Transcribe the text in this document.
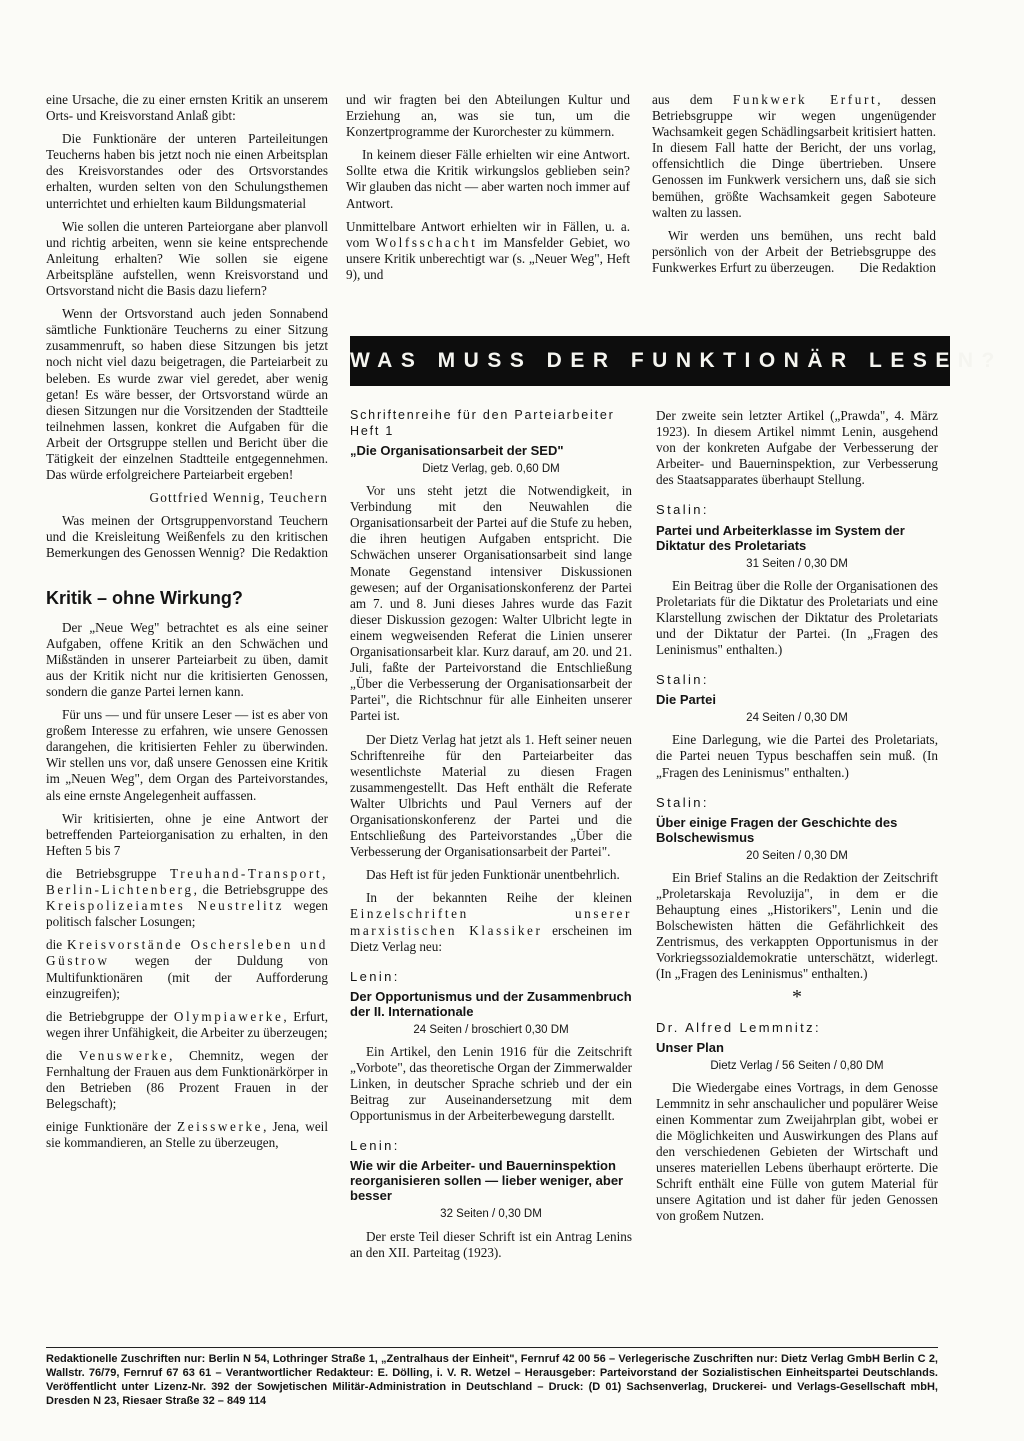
eine Ursache, die zu einer ernsten Kritik an unserem Orts- und Kreisvorstand Anlaß gibt:

Die Funktionäre der unteren Parteileitungen Teucherns haben bis jetzt noch nie einen Arbeitsplan des Kreisvorstandes oder des Ortsvorstandes erhalten, wurden selten von den Schulungsthemen unterrichtet und erhielten kaum Bildungsmaterial

Wie sollen die unteren Parteiorgane aber planvoll und richtig arbeiten, wenn sie keine entsprechende Anleitung erhalten? Wie sollen sie eigene Arbeitspläne aufstellen, wenn Kreisvorstand und Ortsvorstand nicht die Basis dazu liefern?

Wenn der Ortsvorstand auch jeden Sonnabend sämtliche Funktionäre Teucherns zu einer Sitzung zusammenruft, so haben diese Sitzungen bis jetzt noch nicht viel dazu beigetragen, die Parteiarbeit zu beleben. Es wurde zwar viel geredet, aber wenig getan! Es wäre besser, der Ortsvorstand würde an diesen Sitzungen nur die Vorsitzenden der Stadtteile teilnehmen lassen, konkret die Aufgaben für die Arbeit der Ortsgruppe stellen und Bericht über die Tätigkeit der einzelnen Stadtteile entgegennehmen. Das würde erfolgreichere Parteiarbeit ergeben!

Gottfried Wennig, Teuchern

Was meinen der Ortsgruppenvorstand Teuchern und die Kreisleitung Weißenfels zu den kritischen Bemerkungen des Genossen Wennig? Die Redaktion

Kritik – ohne Wirkung?

Der „Neue Weg" betrachtet es als eine seiner Aufgaben, offene Kritik an den Schwächen und Mißständen in unserer Parteiarbeit zu üben, damit aus der Kritik nicht nur die kritisierten Genossen, sondern die ganze Partei lernen kann.

Für uns — und für unsere Leser — ist es aber von großem Interesse zu erfahren, wie unsere Genossen darangehen, die kritisierten Fehler zu überwinden. Wir stellen uns vor, daß unsere Genossen eine Kritik im „Neuen Weg", dem Organ des Parteivorstandes, als eine ernste Angelegenheit auffassen.

Wir kritisierten, ohne je eine Antwort der betreffenden Parteiorganisation zu erhalten, in den Heften 5 bis 7

die Betriebsgruppe Treuhand-Transport, Berlin-Lichtenberg, die Betriebsgruppe des Kreispolizeiamtes Neustrelitz wegen politisch falscher Losungen;

die Kreisvorstände Oschersleben und Güstrow wegen der Duldung von Multifunktionären (mit der Aufforderung einzugreifen);

die Betriebgruppe der Olympiawerke, Erfurt, wegen ihrer Unfähigkeit, die Arbeiter zu überzeugen;

die Venuswerke, Chemnitz, wegen der Fernhaltung der Frauen aus dem Funktionärkörper in den Betrieben (86 Prozent Frauen in der Belegschaft);

einige Funktionäre der Zeisswerke, Jena, weil sie kommandieren, an Stelle zu überzeugen,

und wir fragten bei den Abteilungen Kultur und Erziehung an, was sie tun, um die Konzertprogramme der Kurorchester zu kümmern.

In keinem dieser Fälle erhielten wir eine Antwort. Sollte etwa die Kritik wirkungslos geblieben sein? Wir glauben das nicht — aber warten noch immer auf Antwort.

Unmittelbare Antwort erhielten wir in Fällen, u. a. vom Wolfsschacht im Mansfelder Gebiet, wo unsere Kritik unberechtigt war (s. „Neuer Weg", Heft 9), und

aus dem Funkwerk Erfurt, dessen Betriebsgruppe wir wegen ungenügender Wachsamkeit gegen Schädlingsarbeit kritisiert hatten. In diesem Fall hatte der Bericht, der uns vorlag, offensichtlich die Dinge übertrieben. Unsere Genossen im Funkwerk versichern uns, daß sie sich bemühen, größte Wachsamkeit gegen Saboteure walten zu lassen.

Wir werden uns bemühen, uns recht bald persönlich von der Arbeit der Betriebsgruppe des Funkwerkes Erfurt zu überzeugen. Die Redaktion

WAS MUSS DER FUNKTIONÄR LESEN?
Schriftenreihe für den Parteiarbeiter Heft 1
„Die Organisationsarbeit der SED"
Dietz Verlag, geb. 0,60 DM

Vor uns steht jetzt die Notwendigkeit, in Verbindung mit den Neuwahlen die Organisationsarbeit der Partei auf die Stufe zu heben, die ihren heutigen Aufgaben entspricht. Die Schwächen unserer Organisationsarbeit sind lange Monate Gegenstand intensiver Diskussionen gewesen; auf der Organisationskonferenz der Partei am 7. und 8. Juni dieses Jahres wurde das Fazit dieser Diskussion gezogen: Walter Ulbricht legte in einem wegweisenden Referat die Linien unserer Organisationsarbeit klar. Kurz darauf, am 20. und 21. Juli, faßte der Parteivorstand die Entschließung „Über die Verbesserung der Organisationsarbeit der Partei", die Richtschnur für alle Einheiten unserer Partei ist.

Der Dietz Verlag hat jetzt als 1. Heft seiner neuen Schriftenreihe für den Parteiarbeiter das wesentlichste Material zu diesen Fragen zusammengestellt. Das Heft enthält die Referate Walter Ulbrichts und Paul Verners auf der Organisationskonferenz der Partei und die Entschließung des Parteivorstandes „Über die Verbesserung der Organisationsarbeit der Partei".

Das Heft ist für jeden Funktionär unentbehrlich.

In der bekannten Reihe der kleinen Einzelschriften unserer marxistischen Klassiker erscheinen im Dietz Verlag neu:

Lenin:
Der Opportunismus und der Zusammenbruch der II. Internationale
24 Seiten / broschiert 0,30 DM

Ein Artikel, den Lenin 1916 für die Zeitschrift „Vorbote", das theoretische Organ der Zimmerwalder Linken, in deutscher Sprache schrieb und der ein Beitrag zur Auseinandersetzung mit dem Opportunismus in der Arbeiterbewegung darstellt.

Lenin:
Wie wir die Arbeiter- und Bauerninspektion reorganisieren sollen — lieber weniger, aber besser
32 Seiten / 0,30 DM

Der erste Teil dieser Schrift ist ein Antrag Lenins an den XII. Parteitag (1923).

Der zweite sein letzter Artikel („Prawda", 4. März 1923). In diesem Artikel nimmt Lenin, ausgehend von der konkreten Aufgabe der Verbesserung der Arbeiter- und Bauerninspektion, zur Verbesserung des Staatsapparates überhaupt Stellung.

Stalin:
Partei und Arbeiterklasse im System der Diktatur des Proletariats
31 Seiten / 0,30 DM

Ein Beitrag über die Rolle der Organisationen des Proletariats für die Diktatur des Proletariats und eine Klarstellung zwischen der Diktatur des Proletariats und der Diktatur der Partei. (In „Fragen des Leninismus" enthalten.)

Stalin:
Die Partei
24 Seiten / 0,30 DM

Eine Darlegung, wie die Partei des Proletariats, die Partei neuen Typus beschaffen sein muß. (In „Fragen des Leninismus" enthalten.)

Stalin:
Über einige Fragen der Geschichte des Bolschewismus
20 Seiten / 0,30 DM

Ein Brief Stalins an die Redaktion der Zeitschrift „Proletarskaja Revoluzija", in dem er die Behauptung eines „Historikers", Lenin und die Bolschewisten hätten die Gefährlichkeit des Zentrismus, des verkappten Opportunismus in der Vorkriegssozialdemokratie unterschätzt, widerlegt. (In „Fragen des Leninismus" enthalten.)

*
Dr. Alfred Lemmnitz:
Unser Plan
Dietz Verlag / 56 Seiten / 0,80 DM

Die Wiedergabe eines Vortrags, in dem Genosse Lemmnitz in sehr anschaulicher und populärer Weise einen Kommentar zum Zweijahrplan gibt, wobei er die Möglichkeiten und Auswirkungen des Plans auf den verschiedenen Gebieten der Wirtschaft und unseres materiellen Lebens überhaupt erörterte. Die Schrift enthält eine Fülle von gutem Material für unsere Agitation und ist daher für jeden Genossen von großem Nutzen.

Redaktionelle Zuschriften nur: Berlin N 54, Lothringer Straße 1, „Zentralhaus der Einheit", Fernruf 42 00 56 – Verlegerische Zuschriften nur: Dietz Verlag GmbH Berlin C 2, Wallstr. 76/79, Fernruf 67 63 61 – Verantwortlicher Redakteur: E. Dölling, i. V. R. Wetzel – Herausgeber: Parteivorstand der Sozialistischen Einheitspartei Deutschlands. Veröffentlicht unter Lizenz-Nr. 392 der Sowjetischen Militär-Administration in Deutschland – Druck: (D 01) Sachsenverlag, Druckerei- und Verlags-Gesellschaft mbH, Dresden N 23, Riesaer Straße 32 – 849 114
